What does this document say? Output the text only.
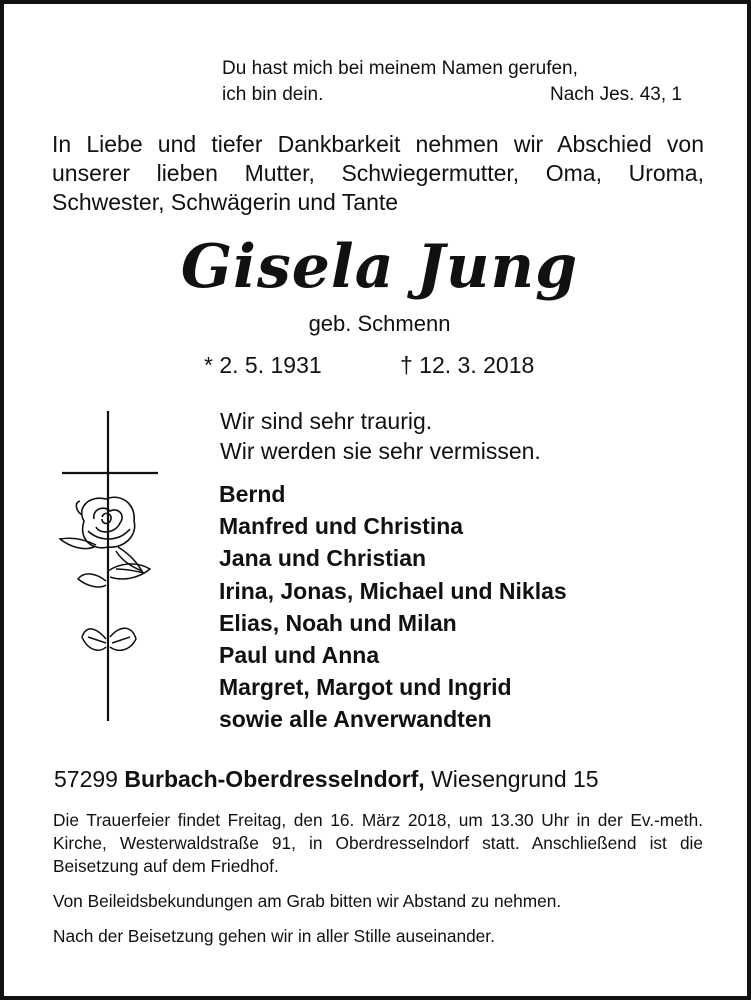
Du hast mich bei meinem Namen gerufen,
ich bin dein.	Nach Jes. 43, 1
In Liebe und tiefer Dankbarkeit nehmen wir Abschied von unserer lieben Mutter, Schwiegermutter, Oma, Uroma, Schwester, Schwägerin und Tante
Gisela Jung
geb. Schmenn
* 2. 5. 1931	† 12. 3. 2018
Wir sind sehr traurig.
Wir werden sie sehr vermissen.
Bernd
Manfred und Christina
Jana und Christian
Irina, Jonas, Michael und Niklas
Elias, Noah und Milan
Paul und Anna
Margret, Margot und Ingrid
sowie alle Anverwandten
57299 Burbach-Oberdresselndorf, Wiesengrund 15

Die Trauerfeier findet Freitag, den 16. März 2018, um 13.30 Uhr in der Ev.-meth. Kirche, Westerwaldstraße 91, in Oberdresselndorf statt. Anschließend ist die Beisetzung auf dem Friedhof.

Von Beileidsbekundungen am Grab bitten wir Abstand zu nehmen.

Nach der Beisetzung gehen wir in aller Stille auseinander.
